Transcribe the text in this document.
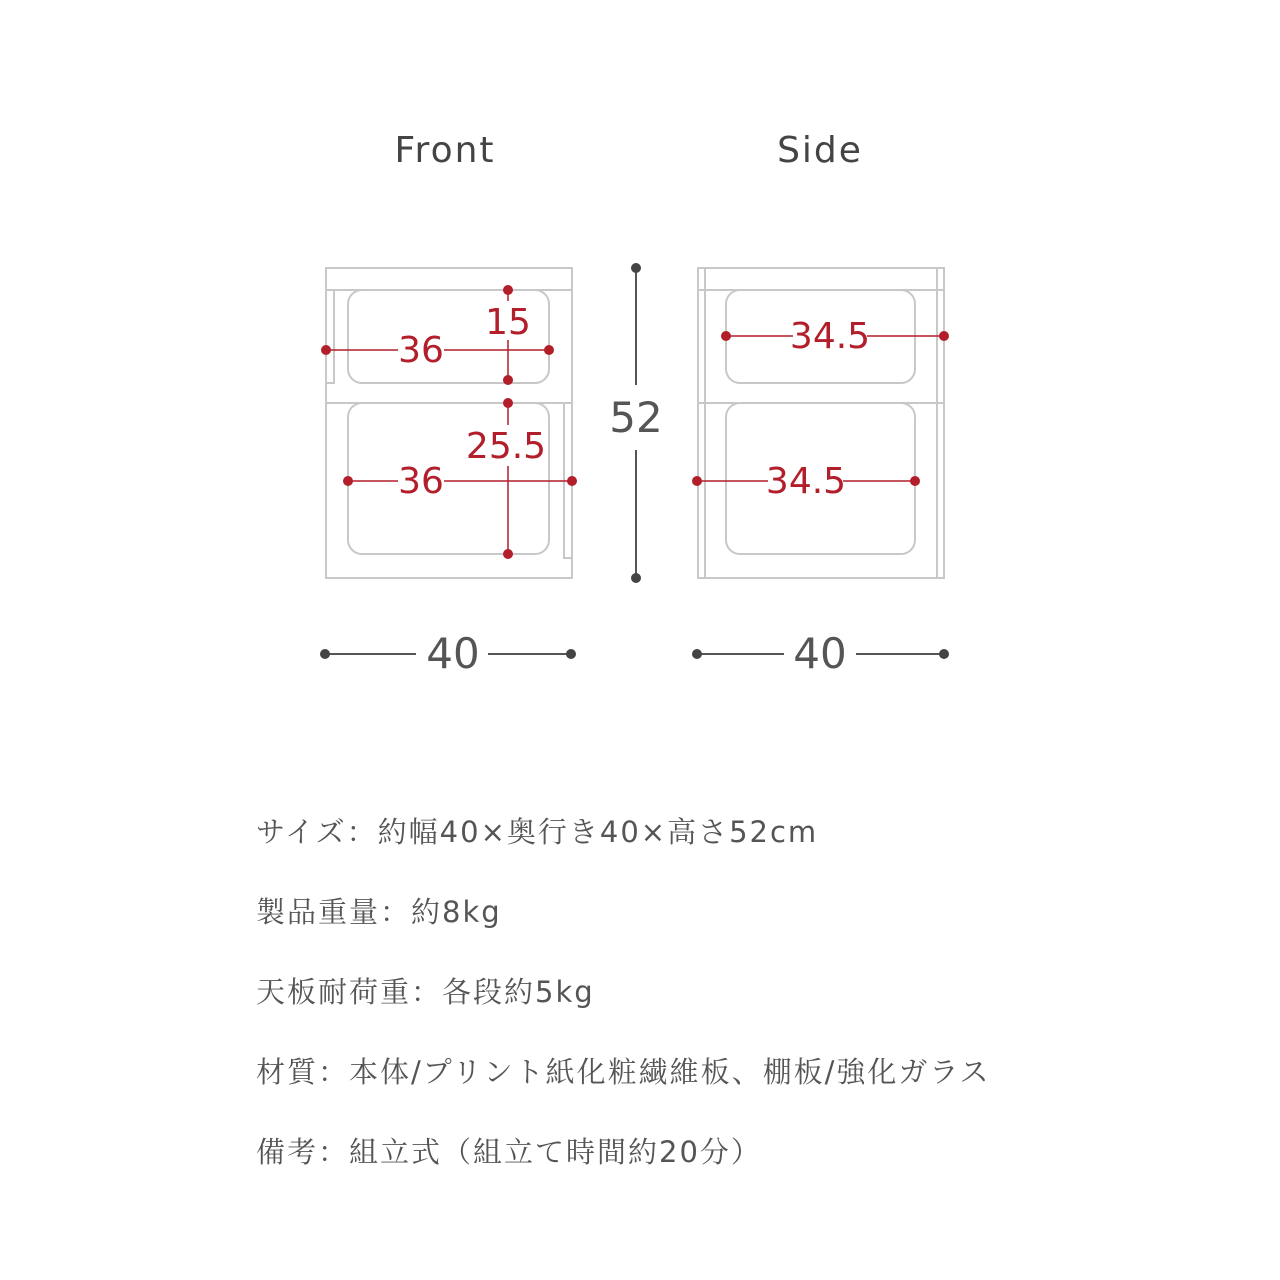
Front	Side
36
15
25.5
36
40
52
34.5
34.5
40
サイズ：約幅40×奥行き40×高さ52cm
製品重量：約8kg
天板耐荷重：各段約5kg
材質：本体/プリント紙化粧繊維板、棚板/強化ガラス
備考：組立式（組立て時間約20分）
